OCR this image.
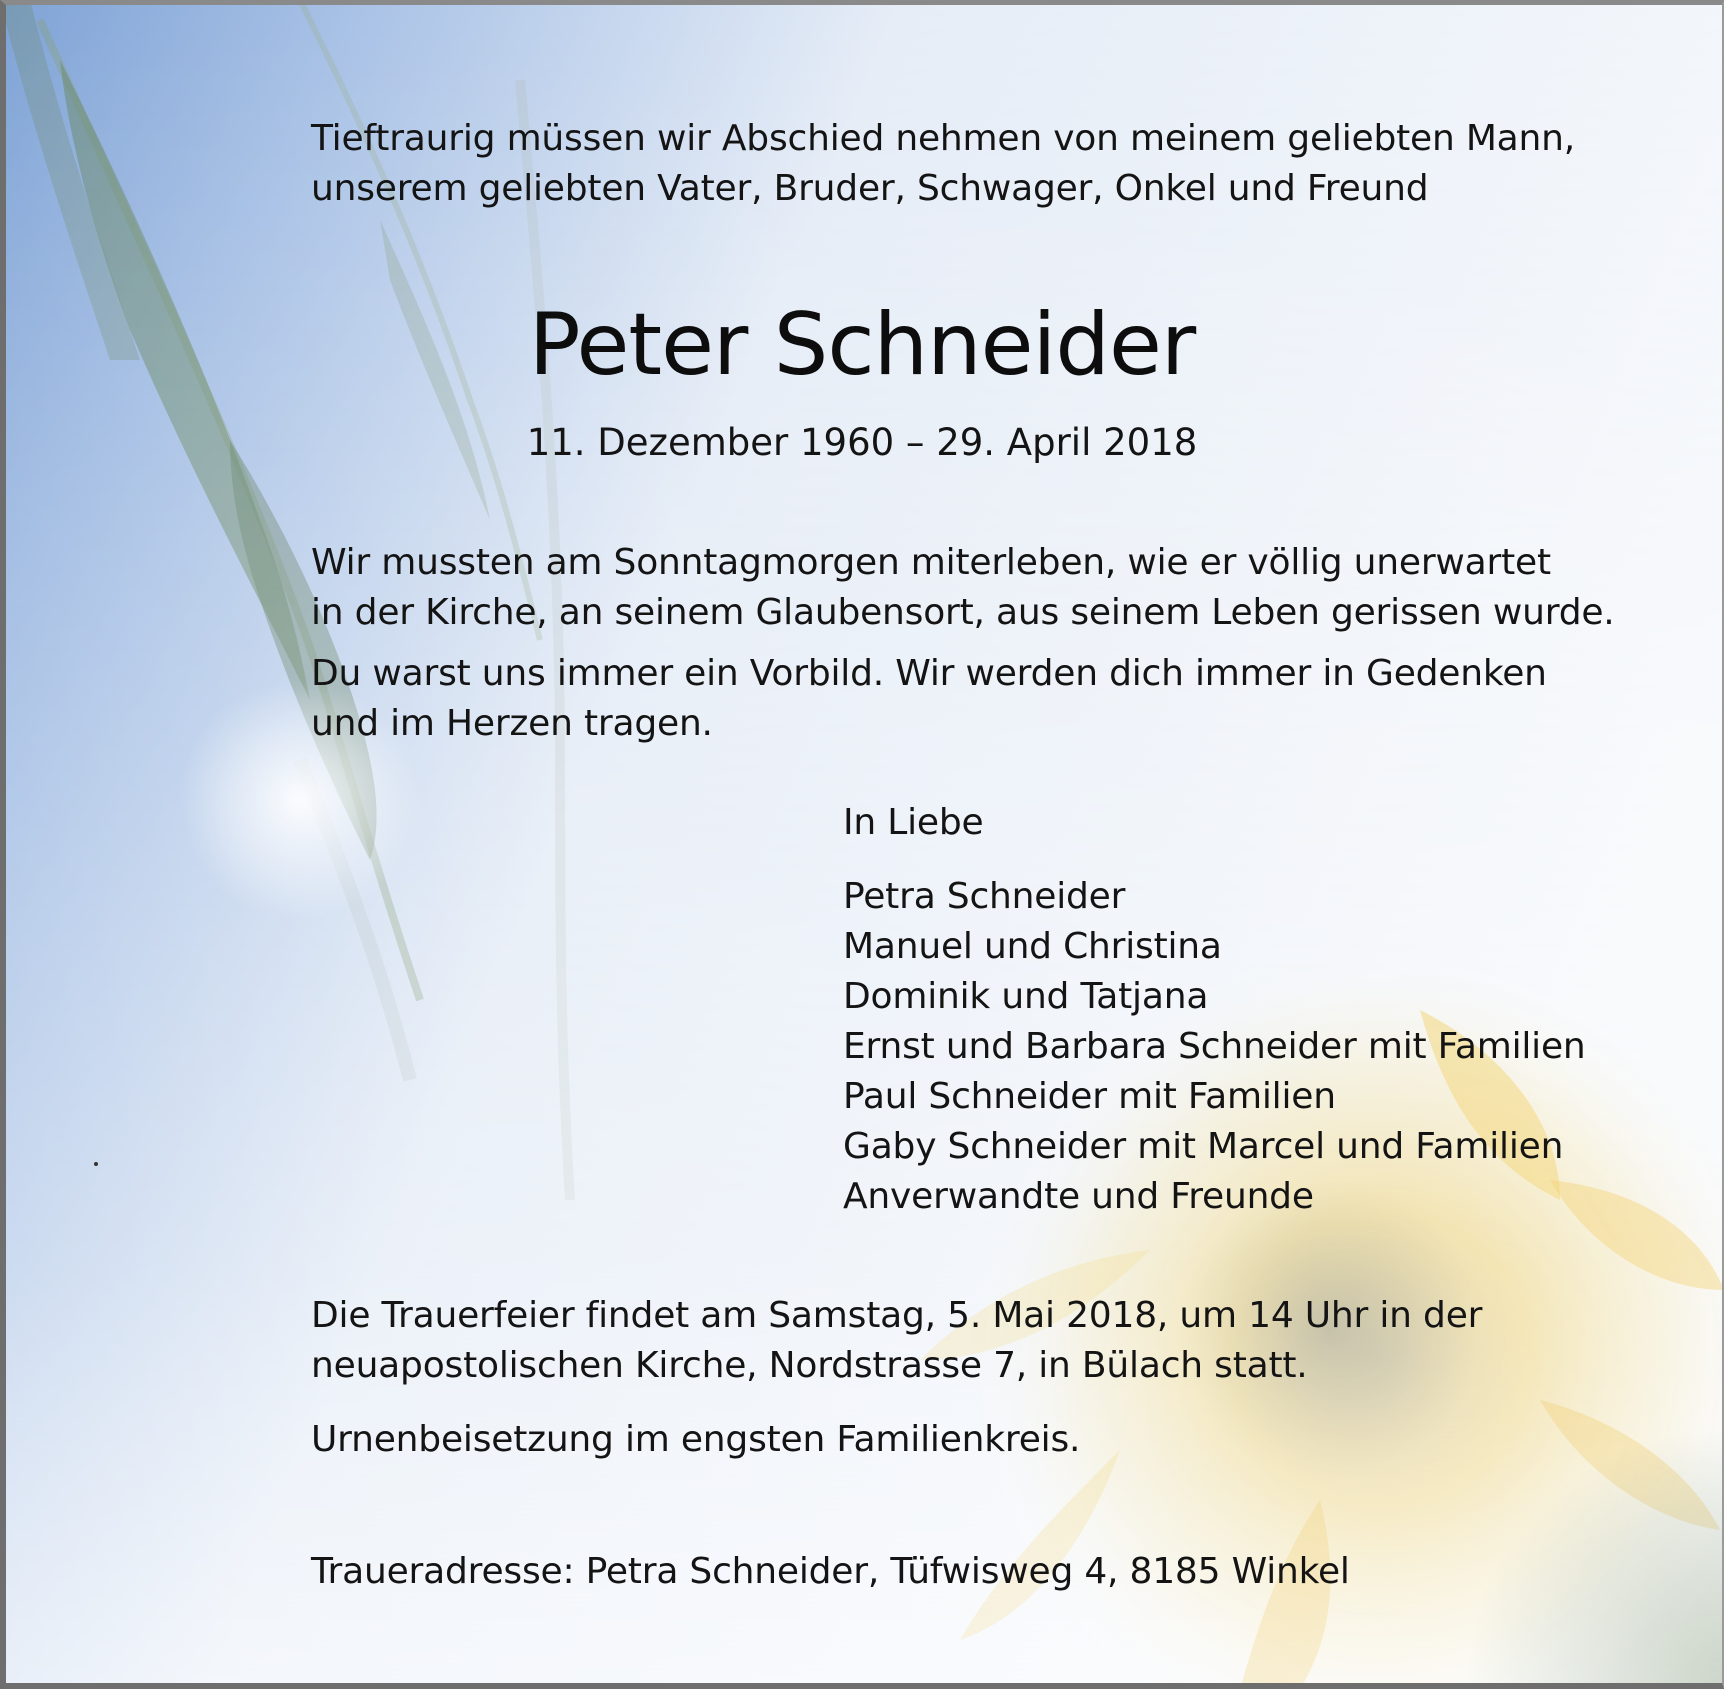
Tieftraurig müssen wir Abschied nehmen von meinem geliebten Mann,
unserem geliebten Vater, Bruder, Schwager, Onkel und Freund
Peter Schneider
11. Dezember 1960 – 29. April 2018
Wir mussten am Sonntagmorgen miterleben, wie er völlig unerwartet
in der Kirche, an seinem Glaubensort, aus seinem Leben gerissen wurde.
Du warst uns immer ein Vorbild. Wir werden dich immer in Gedenken
und im Herzen tragen.
In Liebe
Petra Schneider
Manuel und Christina
Dominik und Tatjana
Ernst und Barbara Schneider mit Familien
Paul Schneider mit Familien
Gaby Schneider mit Marcel und Familien
Anverwandte und Freunde
Die Trauerfeier findet am Samstag, 5. Mai 2018, um 14 Uhr in der
neuapostolischen Kirche, Nordstrasse 7, in Bülach statt.
Urnenbeisetzung im engsten Familienkreis.
Traueradresse: Petra Schneider, Tüfwisweg 4, 8185 Winkel
